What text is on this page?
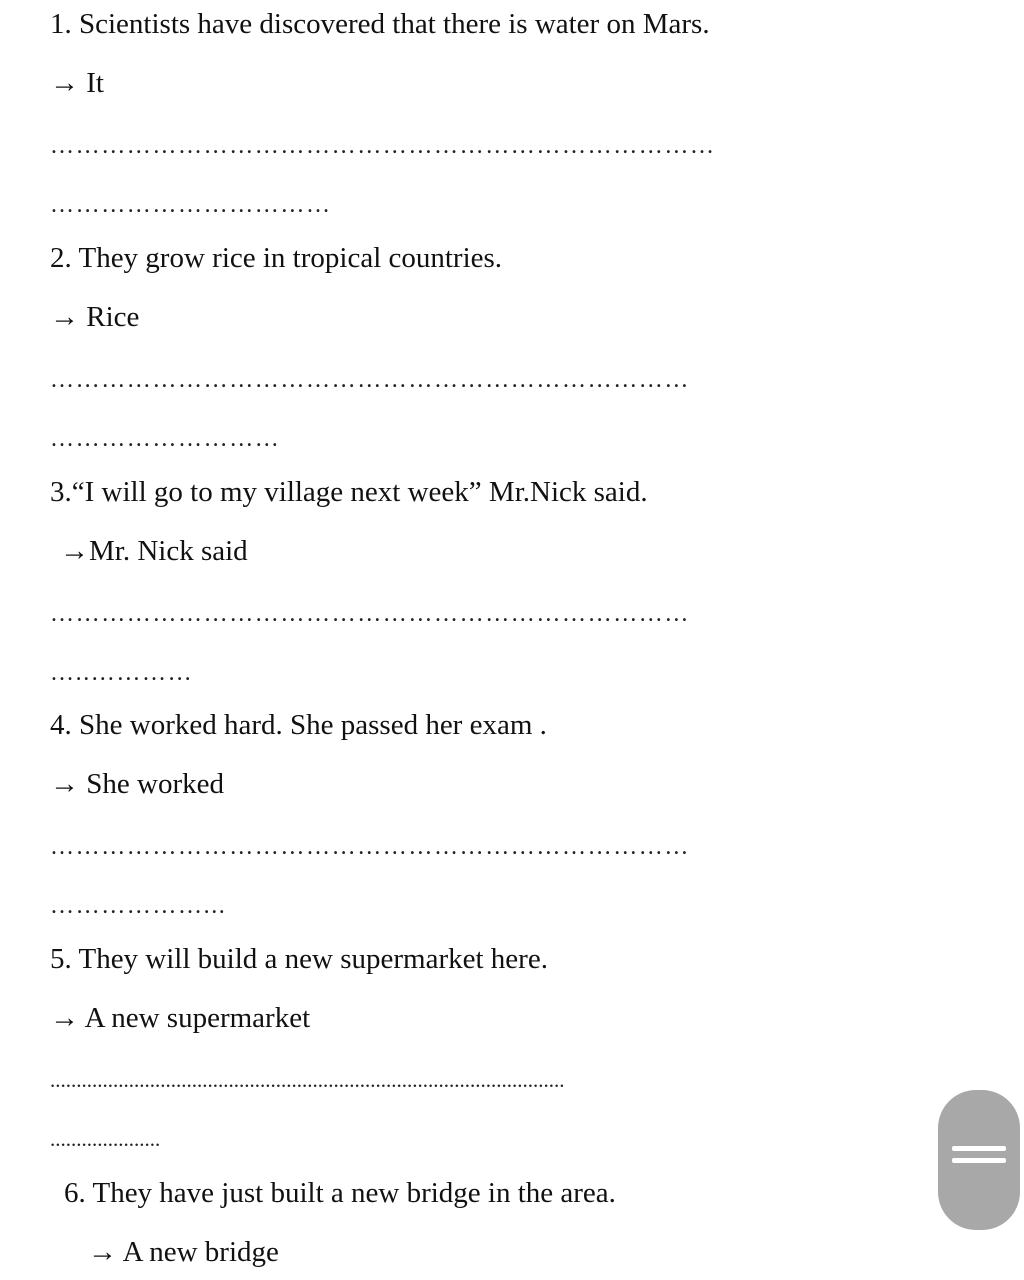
1. Scientists have discovered that there is water on Mars.
→ It
……………………………………………………………………
……………………………
2. They grow rice in tropical countries.
→ Rice
…………………………………………………………………
………………………
3.“I will go to my village next week” Mr.Nick said.
→Mr. Nick said
…………………………………………………………………
…..…………
4. She worked hard. She passed her exam .
→ She worked
…………………………………………………………………
………………...
5. They will build a new supermarket here.
→ A new supermarket
..................................................................................................
.....................
6. They have just built a new bridge in the area.
→ A new bridge
